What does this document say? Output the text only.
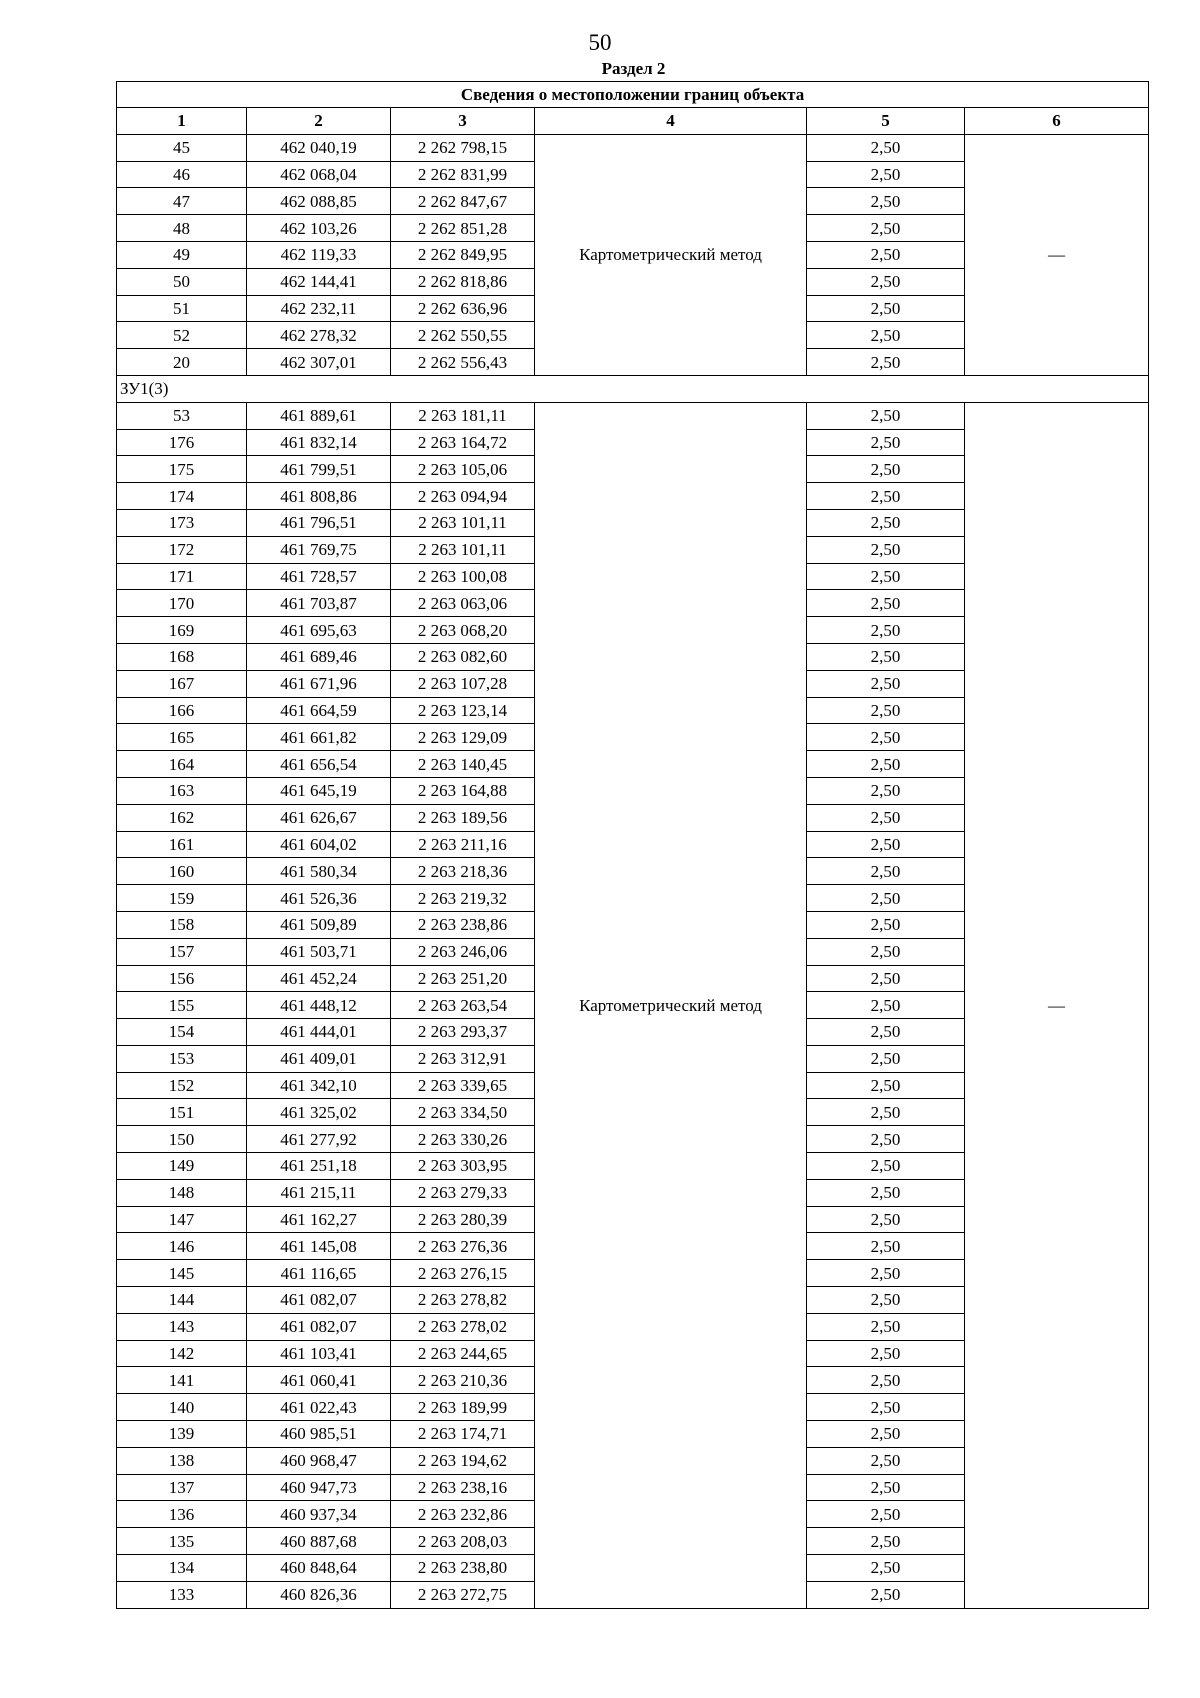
50
Раздел 2
Сведения о местоположении границ объекта					
1	2	3	4	5	6
45	462 040,19	2 262 798,15	Картометрический метод	2,50	—
46	462 068,04	2 262 831,99		2,50	
47	462 088,85	2 262 847,67		2,50	
48	462 103,26	2 262 851,28		2,50	
49	462 119,33	2 262 849,95		2,50	
50	462 144,41	2 262 818,86		2,50	
51	462 232,11	2 262 636,96		2,50	
52	462 278,32	2 262 550,55		2,50	
20	462 307,01	2 262 556,43		2,50	
ЗУ1(3)					
53	461 889,61	2 263 181,11	Картометрический метод	2,50	—
176	461 832,14	2 263 164,72		2,50	
175	461 799,51	2 263 105,06		2,50	
174	461 808,86	2 263 094,94		2,50	
173	461 796,51	2 263 101,11		2,50	
172	461 769,75	2 263 101,11		2,50	
171	461 728,57	2 263 100,08		2,50	
170	461 703,87	2 263 063,06		2,50	
169	461 695,63	2 263 068,20		2,50	
168	461 689,46	2 263 082,60		2,50	
167	461 671,96	2 263 107,28		2,50	
166	461 664,59	2 263 123,14		2,50	
165	461 661,82	2 263 129,09		2,50	
164	461 656,54	2 263 140,45		2,50	
163	461 645,19	2 263 164,88		2,50	
162	461 626,67	2 263 189,56		2,50	
161	461 604,02	2 263 211,16		2,50	
160	461 580,34	2 263 218,36		2,50	
159	461 526,36	2 263 219,32		2,50	
158	461 509,89	2 263 238,86		2,50	
157	461 503,71	2 263 246,06		2,50	
156	461 452,24	2 263 251,20		2,50	
155	461 448,12	2 263 263,54		2,50	
154	461 444,01	2 263 293,37		2,50	
153	461 409,01	2 263 312,91		2,50	
152	461 342,10	2 263 339,65		2,50	
151	461 325,02	2 263 334,50		2,50	
150	461 277,92	2 263 330,26		2,50	
149	461 251,18	2 263 303,95		2,50	
148	461 215,11	2 263 279,33		2,50	
147	461 162,27	2 263 280,39		2,50	
146	461 145,08	2 263 276,36		2,50	
145	461 116,65	2 263 276,15		2,50	
144	461 082,07	2 263 278,82		2,50	
143	461 082,07	2 263 278,02		2,50	
142	461 103,41	2 263 244,65		2,50	
141	461 060,41	2 263 210,36		2,50	
140	461 022,43	2 263 189,99		2,50	
139	460 985,51	2 263 174,71		2,50	
138	460 968,47	2 263 194,62		2,50	
137	460 947,73	2 263 238,16		2,50	
136	460 937,34	2 263 232,86		2,50	
135	460 887,68	2 263 208,03		2,50	
134	460 848,64	2 263 238,80		2,50	
133	460 826,36	2 263 272,75		2,50	
